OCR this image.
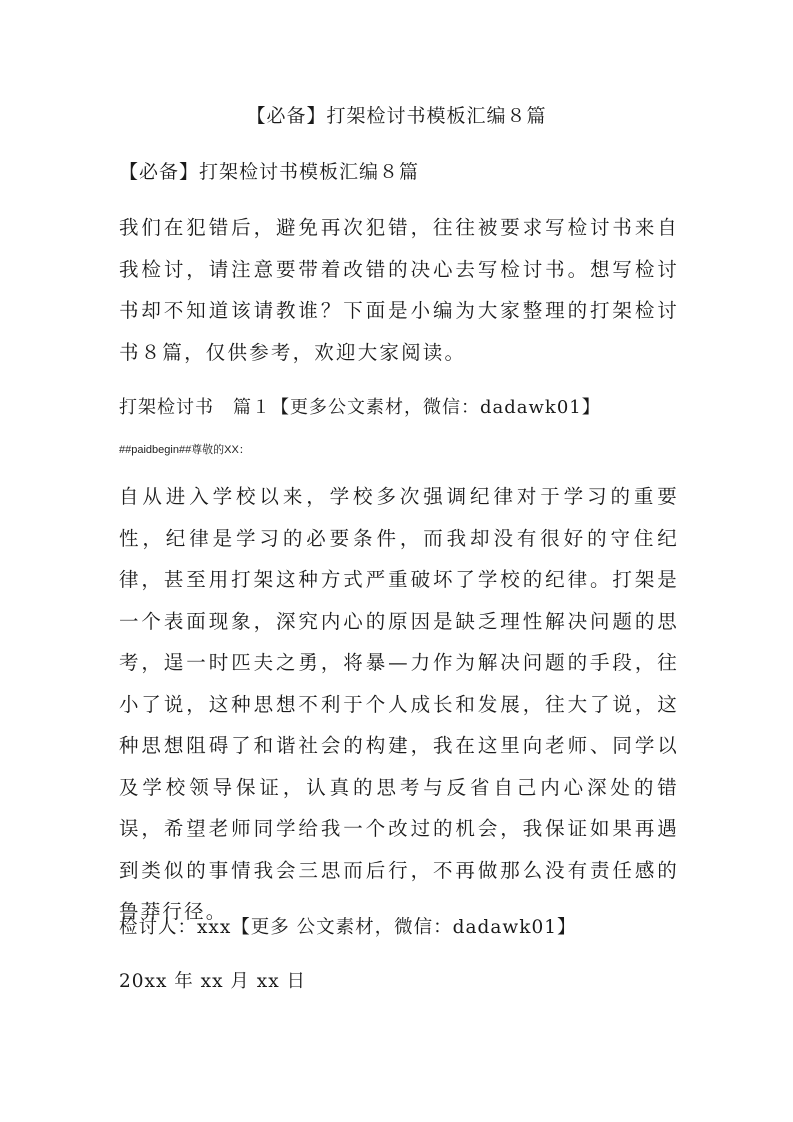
【必备】打架检讨书模板汇编８篇
【必备】打架检讨书模板汇编８篇

我们在犯错后，避免再次犯错，往往被要求写检讨书来自我检讨，请注意要带着改错的决心去写检讨书。想写检讨书却不知道该请教谁？下面是小编为大家整理的打架检讨书８篇，仅供参考，欢迎大家阅读。

打架检讨书　篇１【更多公文素材，微信：dadawk01】
##paidbegin##尊敬的XX：

自从进入学校以来，学校多次强调纪律对于学习的重要性，纪律是学习的必要条件，而我却没有很好的守住纪律，甚至用打架这种方式严重破坏了学校的纪律。打架是一个表面现象，深究内心的原因是缺乏理性解决问题的思考，逞一时匹夫之勇，将暴—力作为解决问题的手段，往小了说，这种思想不利于个人成长和发展，往大了说，这种思想阻碍了和谐社会的构建，我在这里向老师、同学以及学校领导保证，认真的思考与反省自己内心深处的错误，希望老师同学给我一个改过的机会，我保证如果再遇到类似的事情我会三思而后行，不再做那么没有责任感的鲁莽行径。

检讨人：xxx【更多 公文素材，微信：dadawk01】
20xx 年 xx 月 xx 日
